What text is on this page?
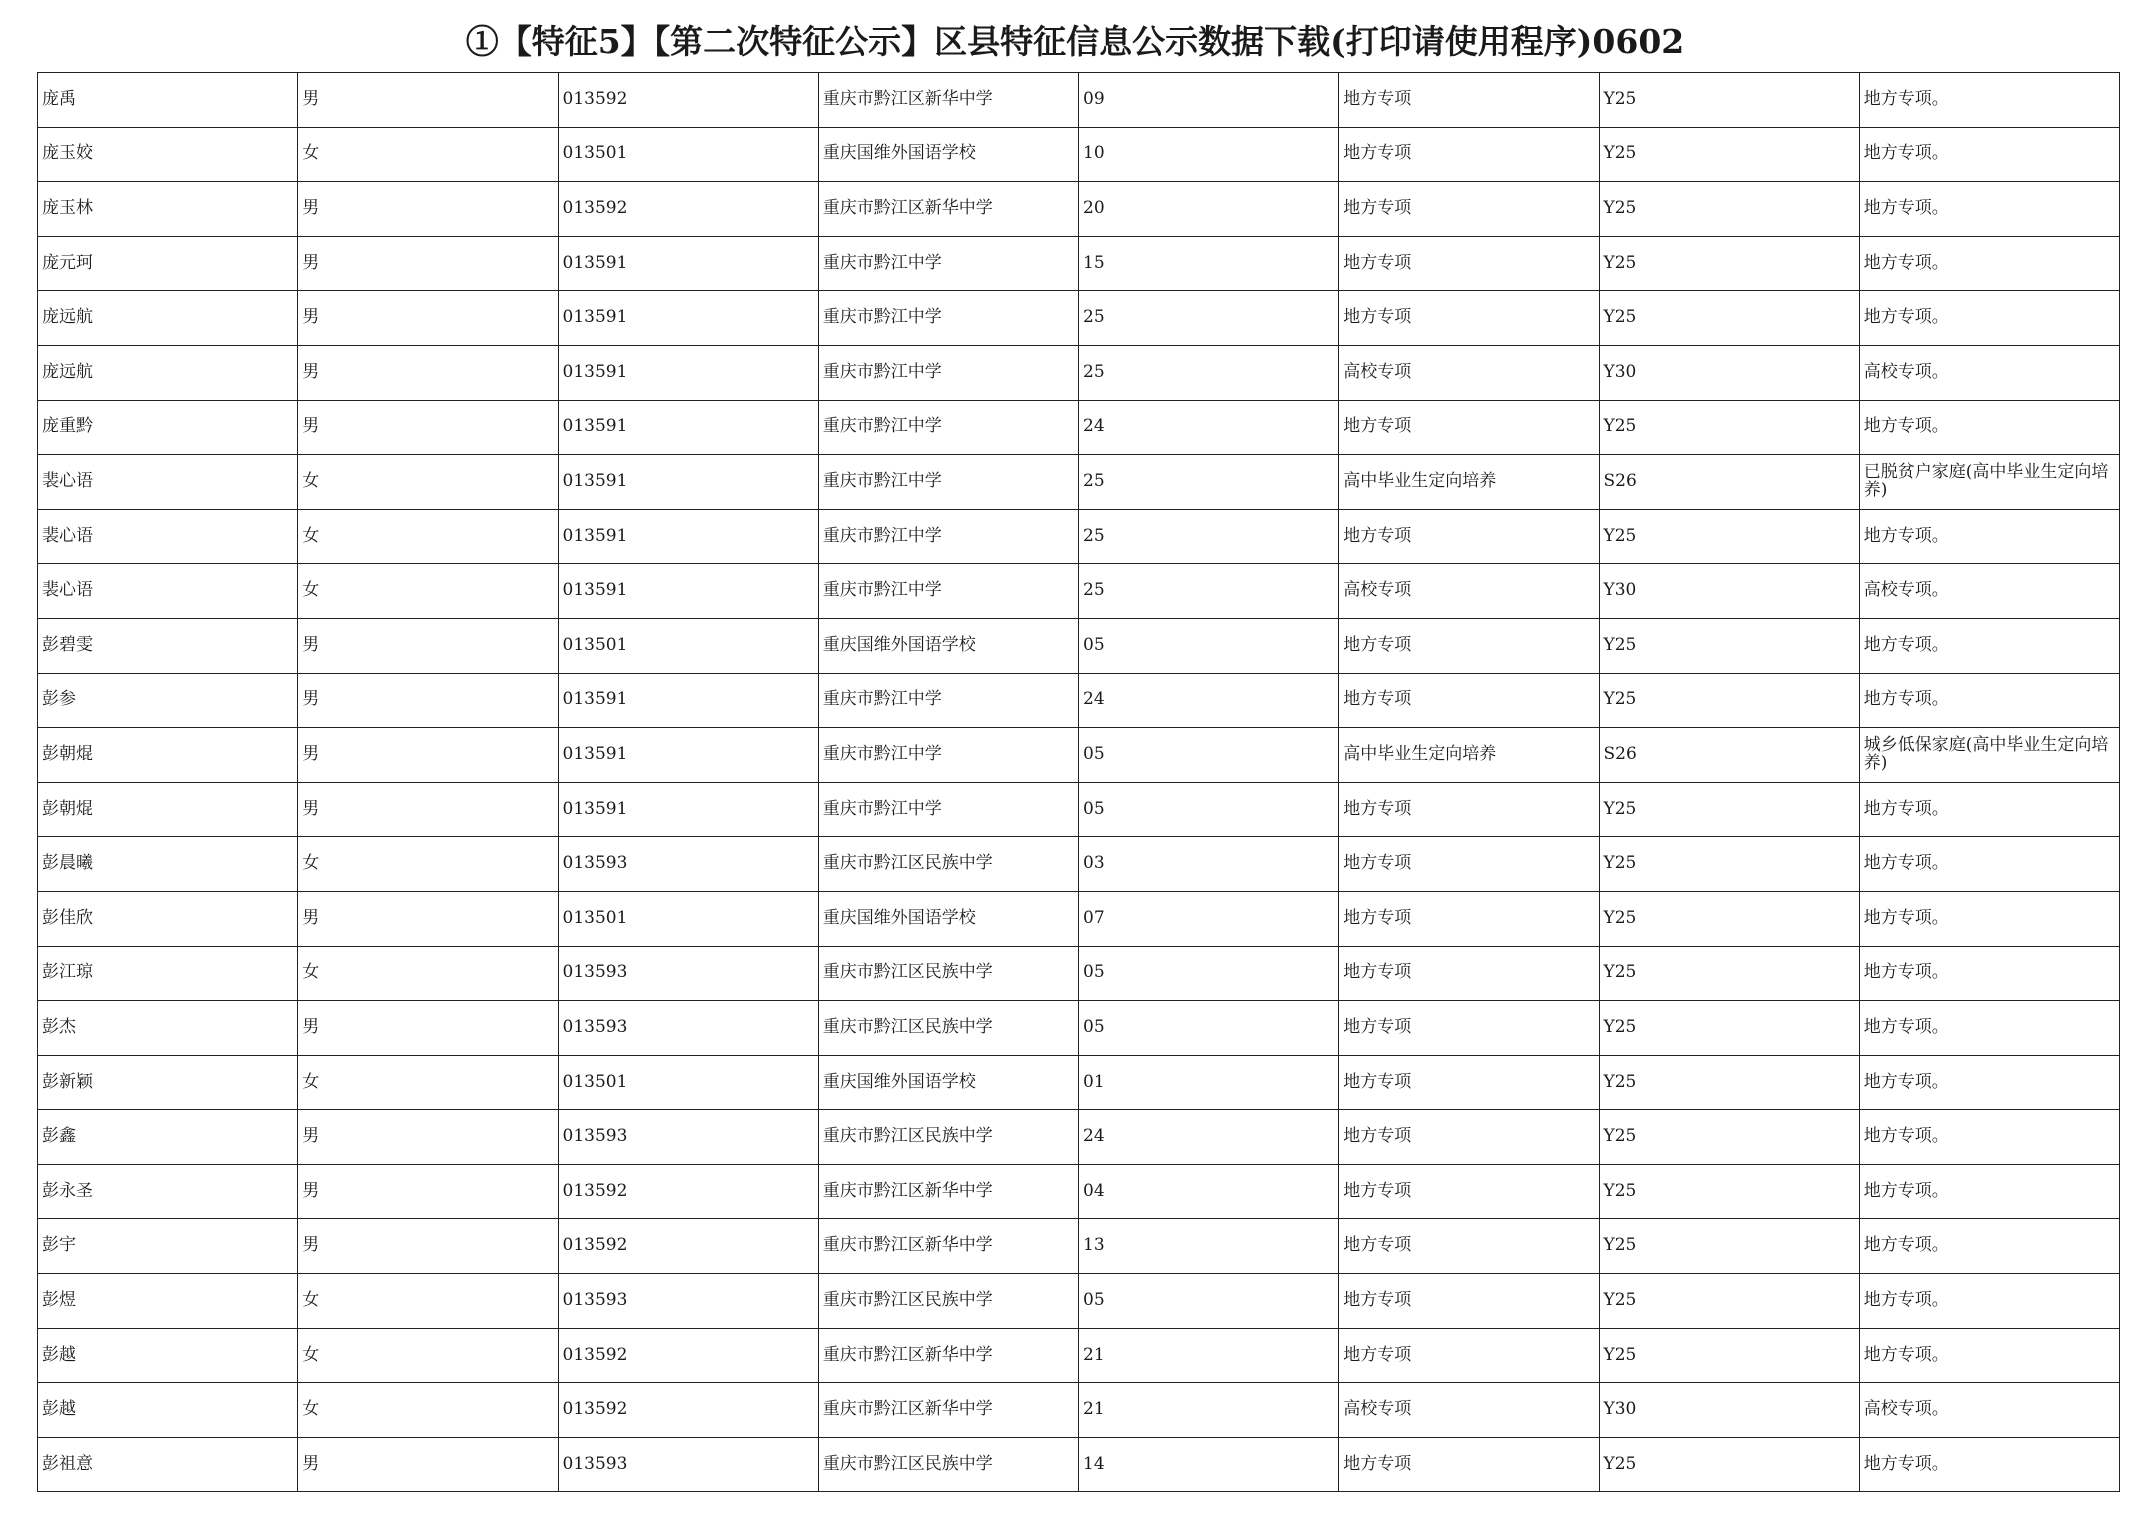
①【特征5】【第二次特征公示】区县特征信息公示数据下载(打印请使用程序)0602
庞禹	男	013592	重庆市黔江区新华中学	09	地方专项	Y25	地方专项。
庞玉姣	女	013501	重庆国维外国语学校	10	地方专项	Y25	地方专项。
庞玉林	男	013592	重庆市黔江区新华中学	20	地方专项	Y25	地方专项。
庞元珂	男	013591	重庆市黔江中学	15	地方专项	Y25	地方专项。
庞远航	男	013591	重庆市黔江中学	25	地方专项	Y25	地方专项。
庞远航	男	013591	重庆市黔江中学	25	高校专项	Y30	高校专项。
庞重黔	男	013591	重庆市黔江中学	24	地方专项	Y25	地方专项。
裴心语	女	013591	重庆市黔江中学	25	高中毕业生定向培养	S26	已脱贫户家庭(高中毕业生定向培养)
裴心语	女	013591	重庆市黔江中学	25	地方专项	Y25	地方专项。
裴心语	女	013591	重庆市黔江中学	25	高校专项	Y30	高校专项。
彭碧雯	男	013501	重庆国维外国语学校	05	地方专项	Y25	地方专项。
彭参	男	013591	重庆市黔江中学	24	地方专项	Y25	地方专项。
彭朝焜	男	013591	重庆市黔江中学	05	高中毕业生定向培养	S26	城乡低保家庭(高中毕业生定向培养)
彭朝焜	男	013591	重庆市黔江中学	05	地方专项	Y25	地方专项。
彭晨曦	女	013593	重庆市黔江区民族中学	03	地方专项	Y25	地方专项。
彭佳欣	男	013501	重庆国维外国语学校	07	地方专项	Y25	地方专项。
彭江琼	女	013593	重庆市黔江区民族中学	05	地方专项	Y25	地方专项。
彭杰	男	013593	重庆市黔江区民族中学	05	地方专项	Y25	地方专项。
彭新颖	女	013501	重庆国维外国语学校	01	地方专项	Y25	地方专项。
彭鑫	男	013593	重庆市黔江区民族中学	24	地方专项	Y25	地方专项。
彭永圣	男	013592	重庆市黔江区新华中学	04	地方专项	Y25	地方专项。
彭宇	男	013592	重庆市黔江区新华中学	13	地方专项	Y25	地方专项。
彭煜	女	013593	重庆市黔江区民族中学	05	地方专项	Y25	地方专项。
彭越	女	013592	重庆市黔江区新华中学	21	地方专项	Y25	地方专项。
彭越	女	013592	重庆市黔江区新华中学	21	高校专项	Y30	高校专项。
彭祖意	男	013593	重庆市黔江区民族中学	14	地方专项	Y25	地方专项。
